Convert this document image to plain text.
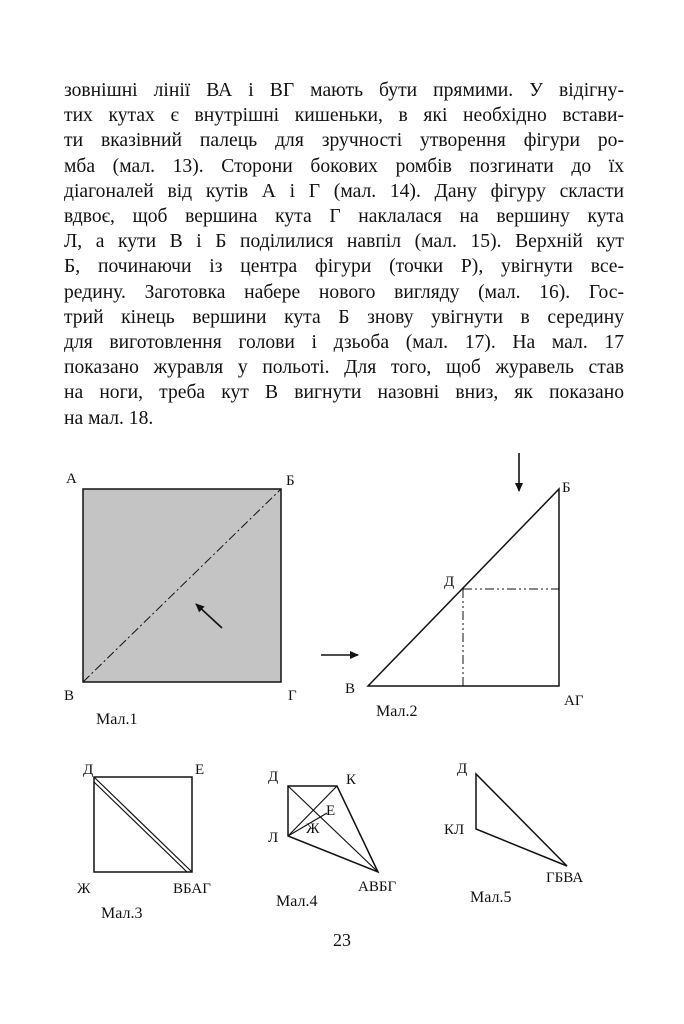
зовнішні лінії ВА і ВГ мають бути прямими. У відігну-
тих кутах є внутрішні кишеньки, в які необхідно встави-
ти вказівний палець для зручності утворення фігури ро-
мба (мал. 13). Сторони бокових ромбів позгинати до їх
діагоналей від кутів А і Г (мал. 14). Дану фігуру скласти
вдвоє, щоб вершина кута Г наклалася на вершину кута
Л, а кути В і Б поділилися навпіл (мал. 15). Верхній кут
Б, починаючи із центра фігури (точки Р), увігнути все-
редину. Заготовка набере нового вигляду (мал. 16). Гос-
трий кінець вершини кута Б знову увігнути в середину
для виготовлення голови і дзьоба (мал. 17). На мал. 17
показано журавля у польоті. Для того, щоб журавель став
на ноги, треба кут В вигнути назовні вниз, як показано
на мал. 18.
А	Б
В	Г
Мал.1
Б
Д
В
АГ
Мал.2
Д	Е
Ж	ВБАГ
Мал.3
Д	К
Е
Ж
Л
АВБГ
Мал.4
Д
КЛ
ГБВА
Мал.5
23
